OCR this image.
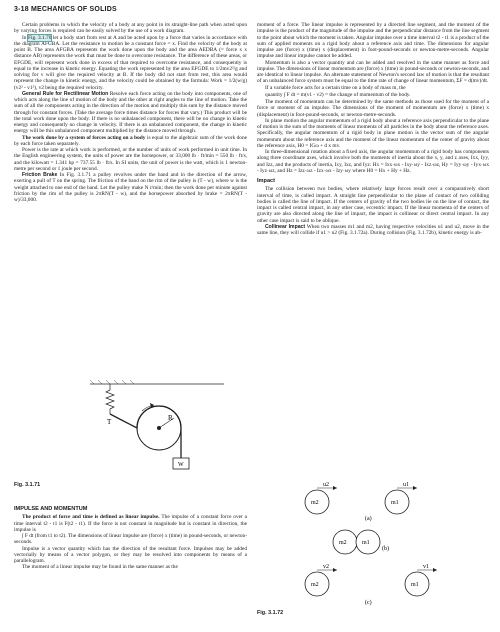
3-18 MECHANICS OF SOLIDS

Certain problems in which the velocity of a body at any point in its straight-line path when acted upon by varying forces is required can be easily solved by the use of a work diagram.

In Fig. 3.1.70 let a body start from rest at A and be acted upon by a force that varies in accordance with the diagram AFGBA. Let the resistance to motion be a constant force = x. Find the velocity of the body at point B. The area AFGBA represents the work done upon the body and the area AEDBA (= force x x distance AB) represents the work that must be done to overcome resistance. The difference of these areas, or EFGDE, will represent work done in excess of that required to overcome resistance, and consequently is equal to the increase in kinetic energy. Equating the work represented by the area EFGDE to 1/2mv2²/g and solving for v will give the required velocity at B. If the body did not start from rest, this area would represent the change in kinetic energy, and the velocity could be obtained by the formula: Work = 1/2(w/g)(v2² - v1²), v2 being the required velocity.

General Rule for Rectilinear Motion Resolve each force acting on the body into components, one of which acts along the line of motion of the body and the other at right angles to the line of motion. Take the sum of all the components acting in the direction of the motion and multiply this sum by the distance moved through for constant forces. (Take the average force times distance for forces that vary.) This product will be the total work done upon the body. If there is no unbalanced component, there will be no change in kinetic energy and consequently no change in velocity. If there is an unbalanced component, the change in kinetic energy will be this unbalanced component multiplied by the distance moved through.

The work done by a system of forces acting on a body is equal to the algebraic sum of the work done by each force taken separately.

Power is the rate at which work is performed, or the number of units of work performed in unit time. In the English engineering system, the units of power are the horsepower, or 33,000 lb · ft/min = 550 lb · ft/s, and the kilowatt = 1.341 hp = 737.55 lb · ft/s. In SI units, the unit of power is the watt, which is 1 newton-metre per second or 1 joule per second.

Friction Brake In Fig. 3.1.71 a pulley revolves under the band and in the direction of the arrow, exerting a pull of T on the spring. The friction of the band on the rim of the pulley is (T - w), where w is the weight attached to one end of the band. Let the pulley make N r/min; then the work done per minute against friction by the rim of the pulley is 2πRN(T - w), and the horsepower absorbed by brake = 2πRN(T - w)/33,000.

R
T
W
Fig. 3.1.71
IMPULSE AND MOMENTUM

The product of force and time is defined as linear impulse. The impulse of a constant force over a time interval t2 - t1 is F(t2 - t1). If the force is not constant in magnitude but is constant in direction, the impulse is

∫ F dt (from t1 to t2). The dimensions of linear impulse are (force) x (time) in pound-seconds, or newton-seconds.

Impulse is a vector quantity which has the direction of the resultant force. Impulses may be added vectorially by means of a vector polygon, or they may be resolved into components by means of a parallelogram.

The moment of a linear impulse may be found in the same manner as the

moment of a force. The linear impulse is represented by a directed line segment, and the moment of the impulse is the product of the magnitude of the impulse and the perpendicular distance from the line segment to the point about which the moment is taken. Angular impulse over a time interval t2 - t1 is a product of the sum of applied moments on a rigid body about a reference axis and time. The dimensions for angular impulse are (force) x (time) x (displacement) in foot-pound-seconds or newton-metre-seconds. Angular impulse and linear impulse cannot be added.

Momentum is also a vector quantity and can be added and resolved in the same manner as force and impulse. The dimensions of linear momentum are (force) x (time) in pound-seconds or newton-seconds, and are identical to linear impulse. An alternate statement of Newton's second law of motion is that the resultant of an unbalanced force system must be equal to the time rate of change of linear momentum, ΣF = d(mv)/dt.

If a variable force acts for a certain time on a body of mass m, the

quantity ∫ F dt = m(v1 - v2) = the change of momentum of the body.

The moment of momentum can be determined by the same methods as those used for the moment of a force or moment of an impulse. The dimensions of the moment of momentum are (force) x (time) x (displacement) in foot-pound-seconds, or newton-metre-seconds.

In plane motion the angular momentum of a rigid body about a reference axis perpendicular to the plane of motion is the sum of the moments of linear momenta of all particles in the body about the reference axes. Specifically, the angular momentum of a rigid body in plane motion is the vector sum of the angular momentum about the reference axis and the moment of the linear momentum of the center of gravity about the reference axis, H0 = IGω + d x mv.

In three-dimensional rotation about a fixed axis, the angular momentum of a rigid body has components along three coordinate axes, which involve both the moments of inertia about the x, y, and z axes, Ixx, Iyy, and Izz, and the products of inertia, Ixy, Ixz, and Iyz: Hx = Ixx·ωx - Ixy·ωy - Ixz·ωz, Hy = Iyy·ωy - Iyx·ωx - Iyz·ωz, and Hz = Izz·ωz - Izx·ωx - Izy·ωy where H0 = Hx + Hy + Hz.

Impact

The collision between two bodies, where relatively large forces result over a comparatively short interval of time, is called impact. A straight line perpendicular to the plane of contact of two colliding bodies is called the line of impact. If the centers of gravity of the two bodies lie on the line of contact, the impact is called central impact, in any other case, eccentric impact. If the linear momenta of the centers of gravity are also directed along the line of impact, the impact is collinear or direct central impact. In any other case impact is said to be oblique.

Collinear Impact When two masses m1 and m2, having respective velocities u1 and u2, move in the same line, they will collide if u1 > u2 (Fig. 3.1.72a). During collision (Fig. 3.1.72b), kinetic energy is ab-

u2	u1
m2	m1
(a)
m2	m1
(b)
v2	v1
m2	m1
(c)
Fig. 3.1.72
